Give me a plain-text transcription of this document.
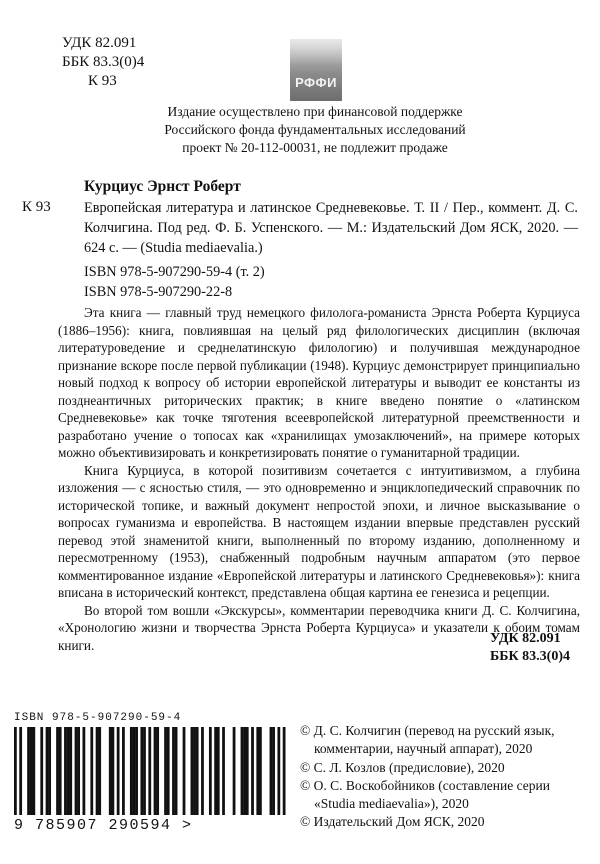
УДК 82.091
ББК 83.3(0)4
К 93	РФФИ
Издание осуществлено при финансовой поддержке
Российского фонда фундаментальных исследований
проект № 20-112-00031, не подлежит продаже
Курциус Эрнст Роберт
К 93 Европейская литература и латинское Средневековье. Т. II / Пер., коммент. Д. С. Колчигина. Под ред. Ф. Б. Успенского. — М.: Издательский Дом ЯСК, 2020. — 624 с. — (Studia mediaevalia.)
ISBN 978-5-907290-59-4 (т. 2)
ISBN 978-5-907290-22-8

Эта книга — главный труд немецкого филолога-романиста Эрнста Роберта Курциуса (1886–1956): книга, повлиявшая на целый ряд филологических дисциплин (включая литературоведение и среднелатинскую филологию) и получившая международное признание вскоре после первой публикации (1948). Курциус демонстрирует принципиально новый подход к вопросу об истории европейской литературы и выводит ее константы из позднеантичных риторических практик; в книге введено понятие о «латинском Средневековье» как точке тяготения всеевропейской литературной преемственности и разработано учение о топосах как «хранилищах умозаключений», на примере которых можно объективизировать и конкретизировать понятие о гуманитарной традиции.

Книга Курциуса, в которой позитивизм сочетается с интуитивизмом, а глубина изложения — с ясностью стиля, — это одновременно и энциклопедический справочник по исторической топике, и важный документ непростой эпохи, и личное высказывание о вопросах гуманизма и европейства. В настоящем издании впервые представлен русский перевод этой знаменитой книги, выполненный по второму изданию, дополненному и пересмотренному (1953), снабженный подробным научным аппаратом (это первое комментированное издание «Европейской литературы и латинского Средневековья»): книга вписана в исторический контекст, представлена общая картина ее генезиса и рецепции.

Во второй том вошли «Экскурсы», комментарии переводчика книги Д. С. Колчигина, «Хронологию жизни и творчества Эрнста Роберта Курциуса» и указатели к обоим томам книги.	УДК 82.091
ББК 83.3(0)4
ISBN 978-5-907290-59-4
9 785907 290594 >
© Д. С. Колчигин (перевод на русский язык,
комментарии, научный аппарат), 2020
© С. Л. Козлов (предисловие), 2020
© О. С. Воскобойников (составление серии
«Studia mediaevalia»), 2020
© Издательский Дом ЯСК, 2020
